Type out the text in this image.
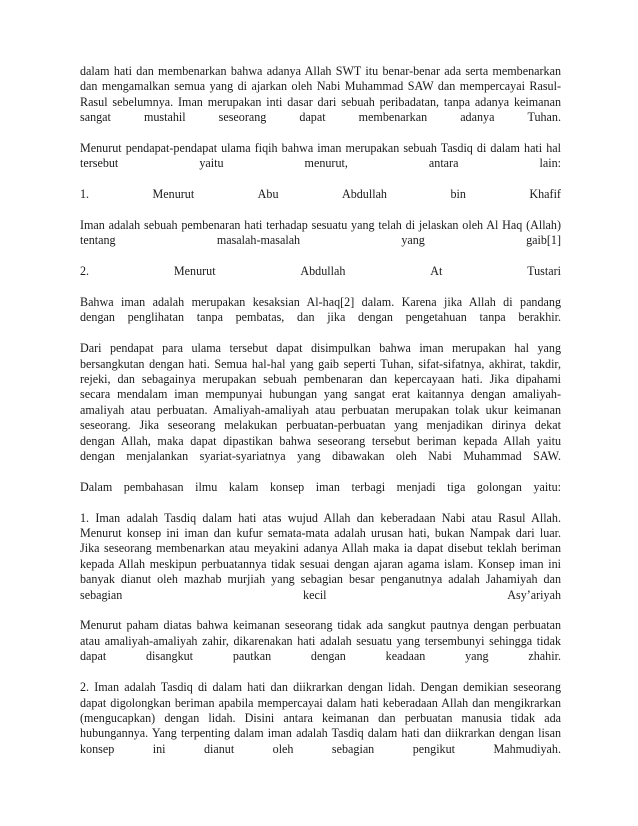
dalam hati dan membenarkan bahwa adanya Allah SWT itu benar-benar ada serta membenarkan
dan mengamalkan semua yang di ajarkan oleh Nabi Muhammad SAW dan mempercayai Rasul-
Rasul sebelumnya. Iman merupakan inti dasar dari sebuah peribadatan, tanpa adanya keimanan
sangat	mustahil	seseorang	dapat	membenarkan	adanya	Tuhan.
Menurut pendapat-pendapat ulama fiqih bahwa iman merupakan sebuah Tasdiq di dalam hati hal
tersebut	yaitu	menurut,	antara	lain:
1.	Menurut	Abu	Abdullah	bin	Khafif
Iman adalah sebuah pembenaran hati terhadap sesuatu yang telah di jelaskan oleh Al Haq (Allah)
tentang	masalah-masalah	yang	gaib[1]
2.	Menurut	Abdullah	At	Tustari
Bahwa iman adalah merupakan kesaksian Al-haq[2] dalam. Karena jika Allah di pandang
dengan penglihatan tanpa pembatas, dan jika dengan pengetahuan tanpa berakhir.
Dari pendapat para ulama tersebut dapat disimpulkan bahwa iman merupakan hal yang
bersangkutan dengan hati. Semua hal-hal yang gaib seperti Tuhan, sifat-sifatnya, akhirat, takdir,
rejeki, dan sebagainya merupakan sebuah pembenaran dan kepercayaan hati. Jika dipahami
secara mendalam iman mempunyai hubungan yang sangat erat kaitannya dengan amaliyah-
amaliyah atau perbuatan. Amaliyah-amaliyah atau perbuatan merupakan tolak ukur keimanan
seseorang. Jika seseorang melakukan perbuatan-perbuatan yang menjadikan dirinya dekat
dengan Allah, maka dapat dipastikan bahwa seseorang tersebut beriman kepada Allah yaitu
dengan menjalankan syariat-syariatnya yang dibawakan oleh Nabi Muhammad SAW.
Dalam pembahasan ilmu kalam konsep iman terbagi menjadi tiga golongan yaitu:
1. Iman adalah Tasdiq dalam hati atas wujud Allah dan keberadaan Nabi atau Rasul Allah.
Menurut konsep ini iman dan kufur semata-mata adalah urusan hati, bukan Nampak dari luar.
Jika seseorang membenarkan atau meyakini adanya Allah maka ia dapat disebut teklah beriman
kepada Allah meskipun perbuatannya tidak sesuai dengan ajaran agama islam. Konsep iman ini
banyak dianut oleh mazhab murjiah yang sebagian besar penganutnya adalah Jahamiyah dan
sebagian	kecil	Asy’ariyah
Menurut paham diatas bahwa keimanan seseorang tidak ada sangkut pautnya dengan perbuatan
atau amaliyah-amaliyah zahir, dikarenakan hati adalah sesuatu yang tersembunyi sehingga tidak
dapat	disangkut	pautkan	dengan	keadaan	yang	zhahir.
2. Iman adalah Tasdiq di dalam hati dan diikrarkan dengan lidah. Dengan demikian seseorang
dapat digolongkan beriman apabila mempercayai dalam hati keberadaan Allah dan mengikrarkan
(mengucapkan) dengan lidah. Disini antara keimanan dan perbuatan manusia tidak ada
hubungannya. Yang terpenting dalam iman adalah Tasdiq dalam hati dan diikrarkan dengan lisan
konsep	ini	dianut	oleh	sebagian	pengikut	Mahmudiyah.
